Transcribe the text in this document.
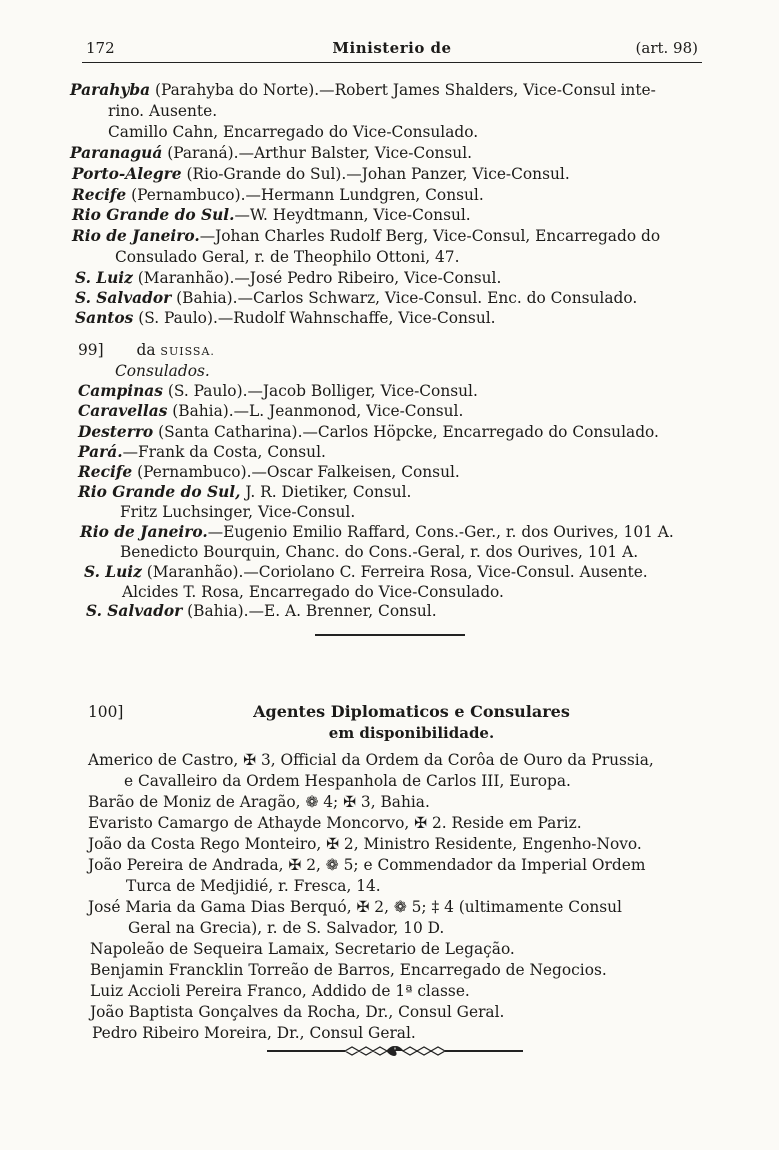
172	Ministerio de	(art. 98)
Parahyba (Parahyba do Norte).—Robert James Shalders, Vice-Consul inte-
rino. Ausente.
Camillo Cahn, Encarregado do Vice-Consulado.
Paranaguá (Paraná).—Arthur Balster, Vice-Consul.
Porto-Alegre (Rio-Grande do Sul).—Johan Panzer, Vice-Consul.
Recife (Pernambuco).—Hermann Lundgren, Consul.
Rio Grande do Sul.—W. Heydtmann, Vice-Consul.
Rio de Janeiro.—Johan Charles Rudolf Berg, Vice-Consul, Encarregado do
Consulado Geral, r. de Theophilo Ottoni, 47.
S. Luiz (Maranhão).—José Pedro Ribeiro, Vice-Consul.
S. Salvador (Bahia).—Carlos Schwarz, Vice-Consul. Enc. do Consulado.
Santos (S. Paulo).—Rudolf Wahnschaffe, Vice-Consul.
99] da SUISSA.
Consulados.
Campinas (S. Paulo).—Jacob Bolliger, Vice-Consul.
Caravellas (Bahia).—L. Jeanmonod, Vice-Consul.
Desterro (Santa Catharina).—Carlos Höpcke, Encarregado do Consulado.
Pará.—Frank da Costa, Consul.
Recife (Pernambuco).—Oscar Falkeisen, Consul.
Rio Grande do Sul, J. R. Dietiker, Consul.
Fritz Luchsinger, Vice-Consul.
Rio de Janeiro.—Eugenio Emilio Raffard, Cons.-Ger., r. dos Ourives, 101 A.
Benedicto Bourquin, Chanc. do Cons.-Geral, r. dos Ourives, 101 A.
S. Luiz (Maranhão).—Coriolano C. Ferreira Rosa, Vice-Consul. Ausente.
Alcides T. Rosa, Encarregado do Vice-Consulado.
S. Salvador (Bahia).—E. A. Brenner, Consul.
100]	Agentes Diplomaticos e Consulares
em disponibilidade.
Americo de Castro, ✠ 3, Official da Ordem da Corôa de Ouro da Prussia,
e Cavalleiro da Ordem Hespanhola de Carlos III, Europa.
Barão de Moniz de Aragão, ❁ 4; ✠ 3, Bahia.
Evaristo Camargo de Athayde Moncorvo, ✠ 2. Reside em Pariz.
João da Costa Rego Monteiro, ✠ 2, Ministro Residente, Engenho-Novo.
João Pereira de Andrada, ✠ 2, ❁ 5; e Commendador da Imperial Ordem
Turca de Medjidié, r. Fresca, 14.
José Maria da Gama Dias Berquó, ✠ 2, ❁ 5; ‡ 4 (ultimamente Consul
Geral na Grecia), r. de S. Salvador, 10 D.
Napoleão de Sequeira Lamaix, Secretario de Legação.
Benjamin Francklin Torreão de Barros, Encarregado de Negocios.
Luiz Accioli Pereira Franco, Addido de 1ª classe.
João Baptista Gonçalves da Rocha, Dr., Consul Geral.
Pedro Ribeiro Moreira, Dr., Consul Geral.
